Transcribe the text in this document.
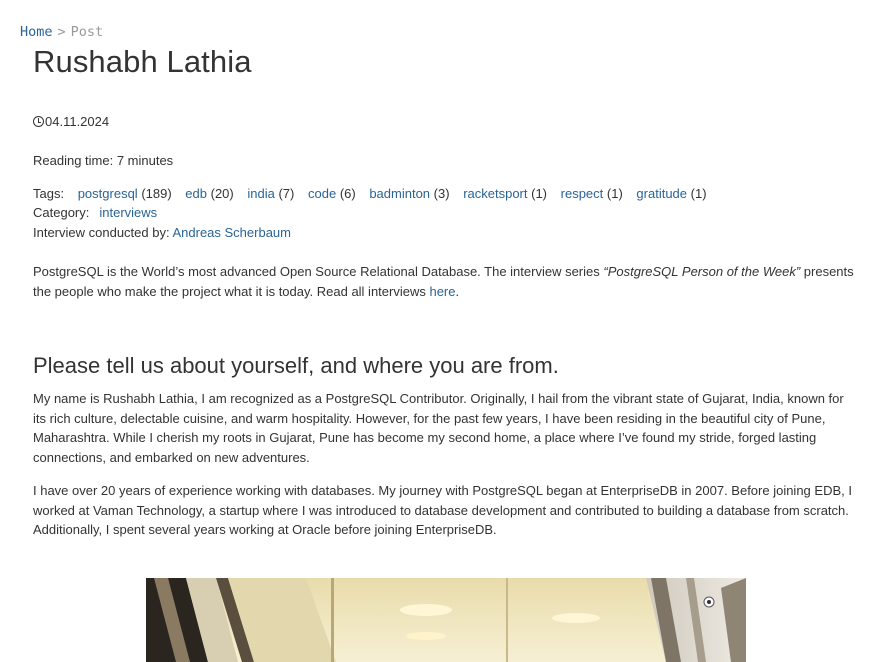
Home > Post
Rushabh Lathia
04.11.2024
Reading time: 7 minutes
Tags: postgresql (189) edb (20) india (7) code (6) badminton (3) racketsport (1) respect (1) gratitude (1)
Category: interviews
Interview conducted by: Andreas Scherbaum

PostgreSQL is the World’s most advanced Open Source Relational Database. The interview series “PostgreSQL Person of the Week” presents the people who make the project what it is today. Read all interviews here.

Please tell us about yourself, and where you are from.

My name is Rushabh Lathia, I am recognized as a PostgreSQL Contributor. Originally, I hail from the vibrant state of Gujarat, India, known for its rich culture, delectable cuisine, and warm hospitality. However, for the past few years, I have been residing in the beautiful city of Pune, Maharashtra. While I cherish my roots in Gujarat, Pune has become my second home, a place where I’ve found my stride, forged lasting connections, and embarked on new adventures.

I have over 20 years of experience working with databases. My journey with PostgreSQL began at EnterpriseDB in 2007. Before joining EDB, I worked at Vaman Technology, a startup where I was introduced to database development and contributed to building a database from scratch. Additionally, I spent several years working at Oracle before joining EnterpriseDB.
